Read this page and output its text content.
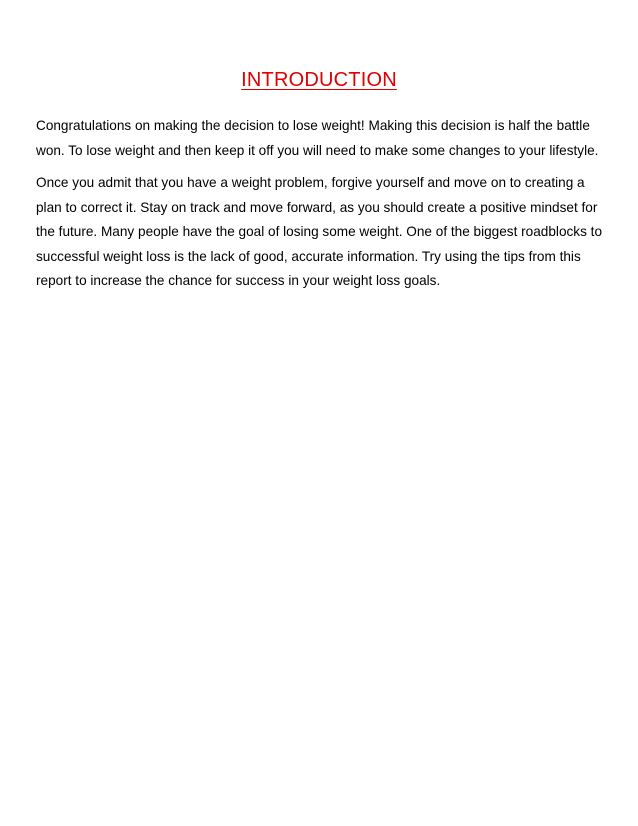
INTRODUCTION

Congratulations on making the decision to lose weight! Making this decision is half the battle won. To lose weight and then keep it off you will need to make some changes to your lifestyle.

Once you admit that you have a weight problem, forgive yourself and move on to creating a plan to correct it. Stay on track and move forward, as you should create a positive mindset for the future. Many people have the goal of losing some weight. One of the biggest roadblocks to successful weight loss is the lack of good, accurate information. Try using the tips from this report to increase the chance for success in your weight loss goals.
